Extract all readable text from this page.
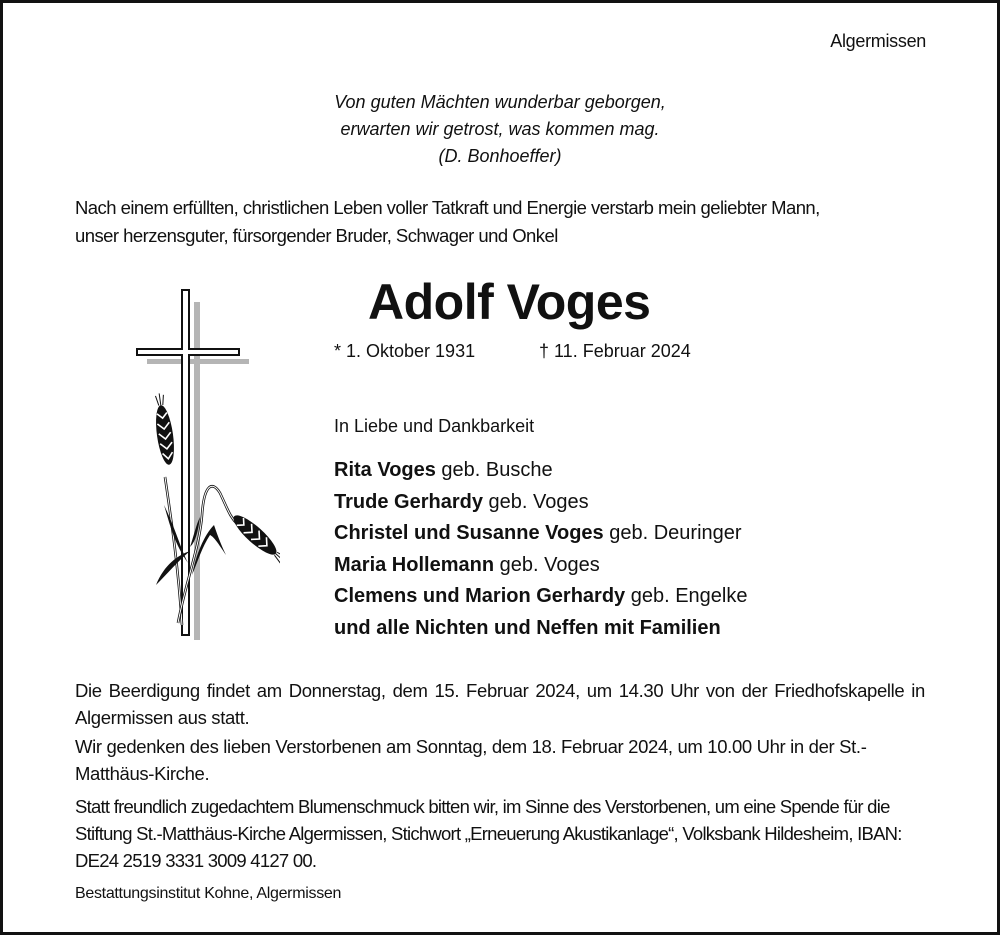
Algermissen
Von guten Mächten wunderbar geborgen,
erwarten wir getrost, was kommen mag.
(D. Bonhoeffer)
Nach einem erfüllten, christlichen Leben voller Tatkraft und Energie verstarb mein geliebter Mann,
unser herzensguter, fürsorgender Bruder, Schwager und Onkel
Adolf Voges
* 1. Oktober 1931	† 11. Februar 2024
In Liebe und Dankbarkeit
Rita Voges geb. Busche
Trude Gerhardy geb. Voges
Christel und Susanne Voges geb. Deuringer
Maria Hollemann geb. Voges
Clemens und Marion Gerhardy geb. Engelke
und alle Nichten und Neffen mit Familien
Die Beerdigung findet am Donnerstag, dem 15. Februar 2024, um 14.30 Uhr von der Friedhofskapelle in Algermissen aus statt.
Wir gedenken des lieben Verstorbenen am Sonntag, dem 18. Februar 2024, um 10.00 Uhr in der St.-Matthäus-Kirche.
Statt freundlich zugedachtem Blumenschmuck bitten wir, im Sinne des Verstorbenen, um eine Spende für die Stiftung St.-Matthäus-Kirche Algermissen, Stichwort „Erneuerung Akustikanlage“, Volksbank Hildesheim, IBAN: DE24 2519 3331 3009 4127 00.
Bestattungsinstitut Kohne, Algermissen
